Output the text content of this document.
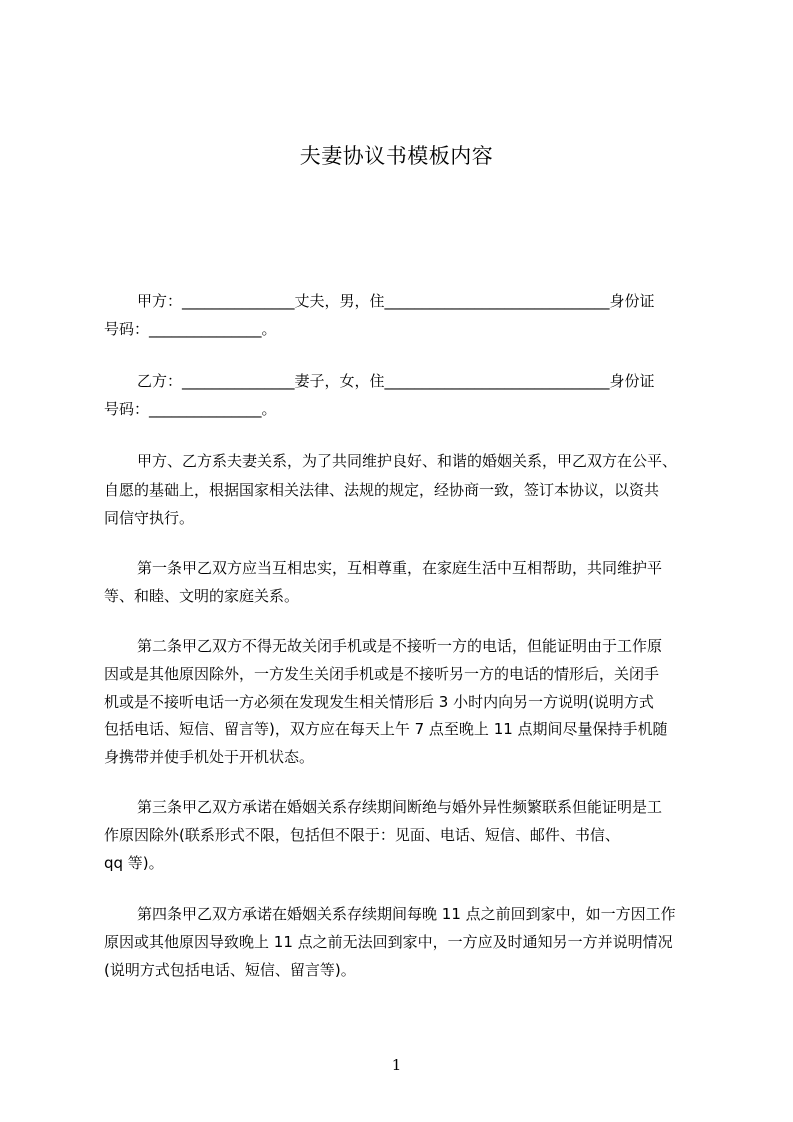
夫妻协议书模板内容
甲方：_______________丈夫，男，住______________________________身份证
号码：_______________。
乙方：_______________妻子，女，住______________________________身份证
号码：_______________。
甲方、乙方系夫妻关系，为了共同维护良好、和谐的婚姻关系，甲乙双方在公平、
自愿的基础上，根据国家相关法律、法规的规定，经协商一致，签订本协议，以资共
同信守执行。
第一条甲乙双方应当互相忠实，互相尊重，在家庭生活中互相帮助，共同维护平
等、和睦、文明的家庭关系。
第二条甲乙双方不得无故关闭手机或是不接听一方的电话，但能证明由于工作原
因或是其他原因除外，一方发生关闭手机或是不接听另一方的电话的情形后，关闭手
机或是不接听电话一方必须在发现发生相关情形后 3 小时内向另一方说明(说明方式
包括电话、短信、留言等)，双方应在每天上午 7 点至晚上 11 点期间尽量保持手机随
身携带并使手机处于开机状态。
第三条甲乙双方承诺在婚姻关系存续期间断绝与婚外异性频繁联系但能证明是工
作原因除外(联系形式不限，包括但不限于：见面、电话、短信、邮件、书信、
qq 等)。
第四条甲乙双方承诺在婚姻关系存续期间每晚 11 点之前回到家中，如一方因工作
原因或其他原因导致晚上 11 点之前无法回到家中，一方应及时通知另一方并说明情况
(说明方式包括电话、短信、留言等)。
1
